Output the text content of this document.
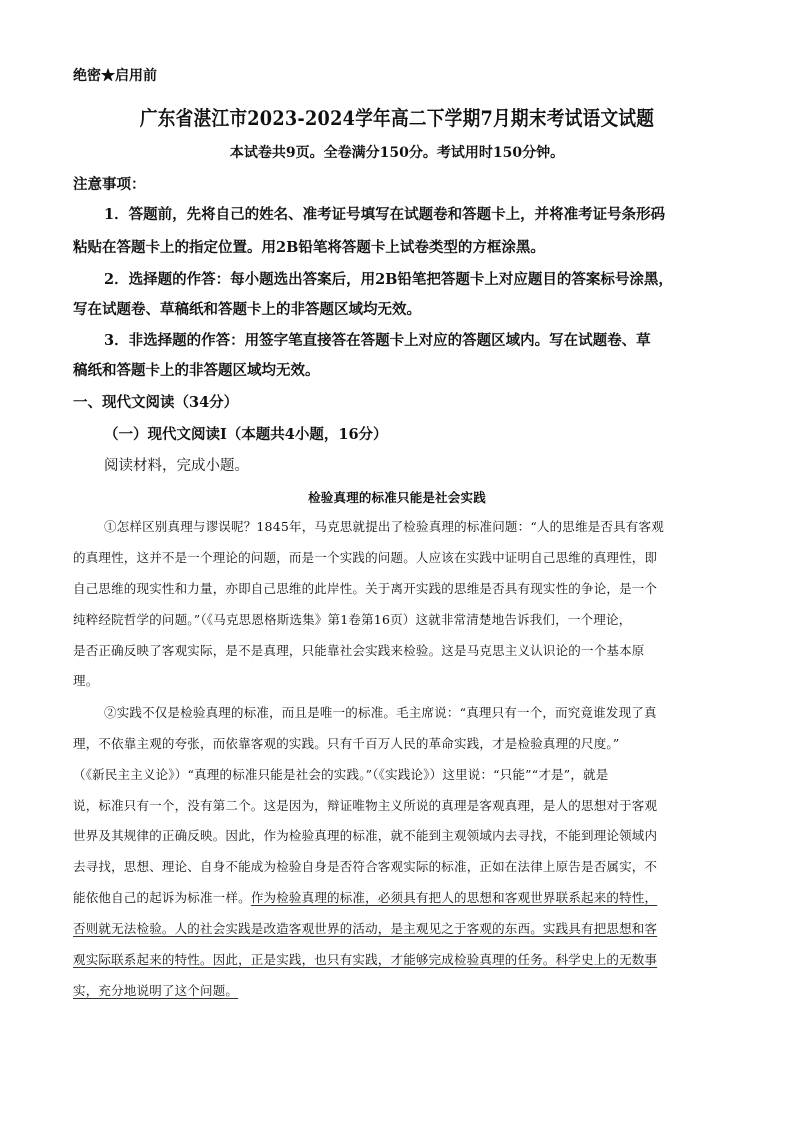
绝密★启用前
广东省湛江市2023-2024学年高二下学期7月期末考试语文试题
本试卷共9页。全卷满分150分。考试用时150分钟。
注意事项：
1．答题前，先将自己的姓名、准考证号填写在试题卷和答题卡上，并将准考证号条形码
粘贴在答题卡上的指定位置。用2B铅笔将答题卡上试卷类型的方框涂黑。
2．选择题的作答：每小题选出答案后，用2B铅笔把答题卡上对应题目的答案标号涂黑，
写在试题卷、草稿纸和答题卡上的非答题区域均无效。
3．非选择题的作答：用签字笔直接答在答题卡上对应的答题区域内。写在试题卷、草
稿纸和答题卡上的非答题区域均无效。
一、现代文阅读（34分）
（一）现代文阅读Ⅰ（本题共4小题，16分）
阅读材料，完成小题。
检验真理的标准只能是社会实践
①怎样区别真理与谬误呢？1845年，马克思就提出了检验真理的标准问题：“人的思维是否具有客观
的真理性，这并不是一个理论的问题，而是一个实践的问题。人应该在实践中证明自己思维的真理性，即
自己思维的现实性和力量，亦即自己思维的此岸性。关于离开实践的思维是否具有现实性的争论，是一个
纯粹经院哲学的问题。”（《马克思恩格斯选集》第1卷第16页）这就非常清楚地告诉我们，一个理论，
是否正确反映了客观实际，是不是真理，只能靠社会实践来检验。这是马克思主义认识论的一个基本原
理。
②实践不仅是检验真理的标准，而且是唯一的标准。毛主席说：“真理只有一个，而究竟谁发现了真
理，不依靠主观的夸张，而依靠客观的实践。只有千百万人民的革命实践，才是检验真理的尺度。”
（《新民主主义论》）“真理的标准只能是社会的实践。”（《实践论》）这里说：“只能”“才是”，就是
说，标准只有一个，没有第二个。这是因为，辩证唯物主义所说的真理是客观真理，是人的思想对于客观
世界及其规律的正确反映。因此，作为检验真理的标准，就不能到主观领域内去寻找，不能到理论领域内
去寻找，思想、理论、自身不能成为检验自身是否符合客观实际的标准，正如在法律上原告是否属实，不
能依他自己的起诉为标准一样。作为检验真理的标准，必须具有把人的思想和客观世界联系起来的特性，
否则就无法检验。人的社会实践是改造客观世界的活动，是主观见之于客观的东西。实践具有把思想和客
观实际联系起来的特性。因此，正是实践，也只有实践，才能够完成检验真理的任务。科学史上的无数事
实，充分地说明了这个问题。
